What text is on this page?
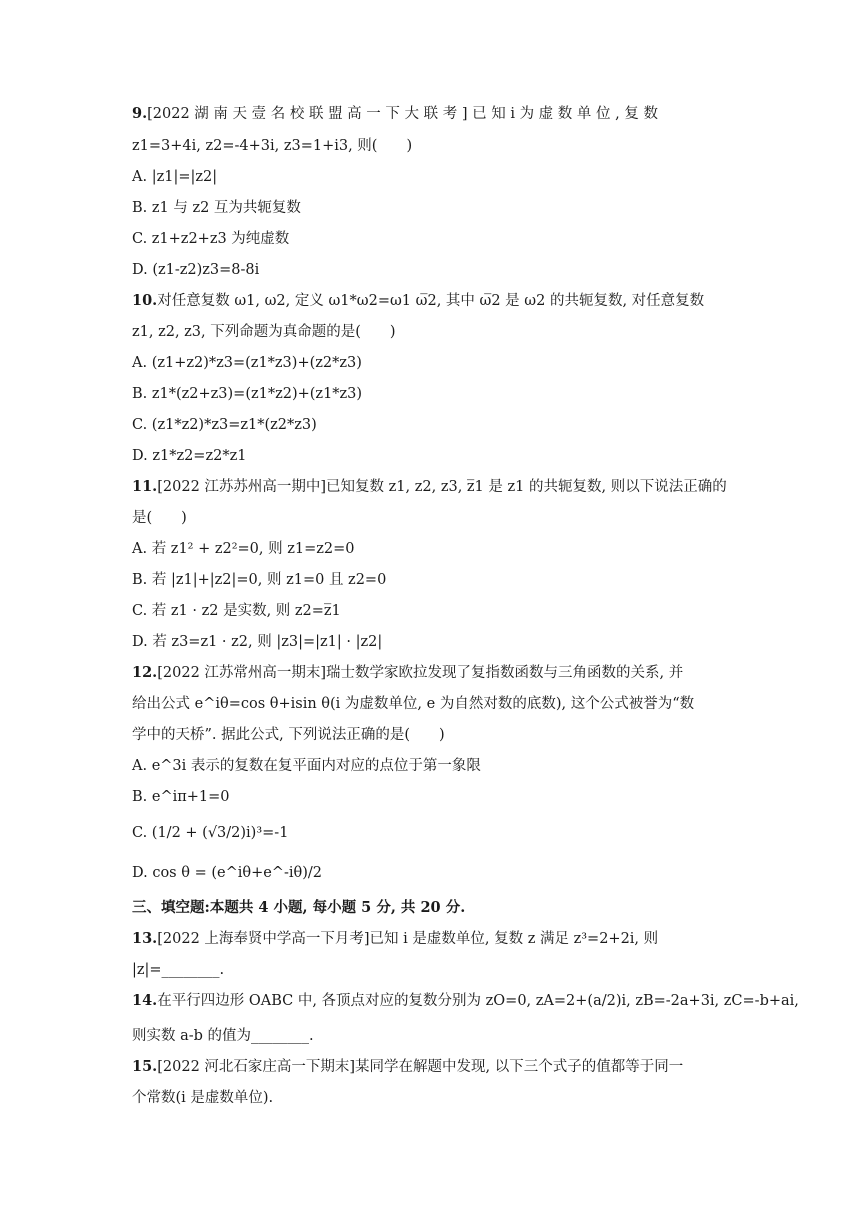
9.[2022 湖 南 天 壹 名 校 联 盟 高 一 下 大 联 考 ] 已 知 i 为 虚 数 单 位 , 复 数
z1=3+4i, z2=-4+3i, z3=1+i3, 则(　　)
A. |z1|=|z2|
B. z1 与 z2 互为共轭复数
C. z1+z2+z3 为纯虚数
D. (z1-z2)z3=8-8i
10.对任意复数 ω1, ω2, 定义 ω1*ω2=ω1 ω̅2, 其中 ω̅2 是 ω2 的共轭复数, 对任意复数
z1, z2, z3, 下列命题为真命题的是(　　)
A. (z1+z2)*z3=(z1*z3)+(z2*z3)
B. z1*(z2+z3)=(z1*z2)+(z1*z3)
C. (z1*z2)*z3=z1*(z2*z3)
D. z1*z2=z2*z1
11.[2022 江苏苏州高一期中]已知复数 z1, z2, z3, z̅1 是 z1 的共轭复数, 则以下说法正确的
是(　　)
A. 若 z1² + z2²=0, 则 z1=z2=0
B. 若 |z1|+|z2|=0, 则 z1=0 且 z2=0
C. 若 z1 · z2 是实数, 则 z2=z̅1
D. 若 z3=z1 · z2, 则 |z3|=|z1| · |z2|
12.[2022 江苏常州高一期末]瑞士数学家欧拉发现了复指数函数与三角函数的关系, 并
给出公式 e^iθ=cos θ+isin θ(i 为虚数单位, e 为自然对数的底数), 这个公式被誉为“数
学中的天桥”. 据此公式, 下列说法正确的是(　　)
A. e^3i 表示的复数在复平面内对应的点位于第一象限
B. e^iπ+1=0
C. (1/2 + (√3/2)i)³=-1
D. cos θ = (e^iθ+e^-iθ)/2
三、填空题:本题共 4 小题, 每小题 5 分, 共 20 分.
13.[2022 上海奉贤中学高一下月考]已知 i 是虚数单位, 复数 z 满足 z³=2+2i, 则
|z|=________.
14.在平行四边形 OABC 中, 各顶点对应的复数分别为 zO=0, zA=2+(a/2)i, zB=-2a+3i, zC=-b+ai,
则实数 a-b 的值为________.
15.[2022 河北石家庄高一下期末]某同学在解题中发现, 以下三个式子的值都等于同一
个常数(i 是虚数单位).
